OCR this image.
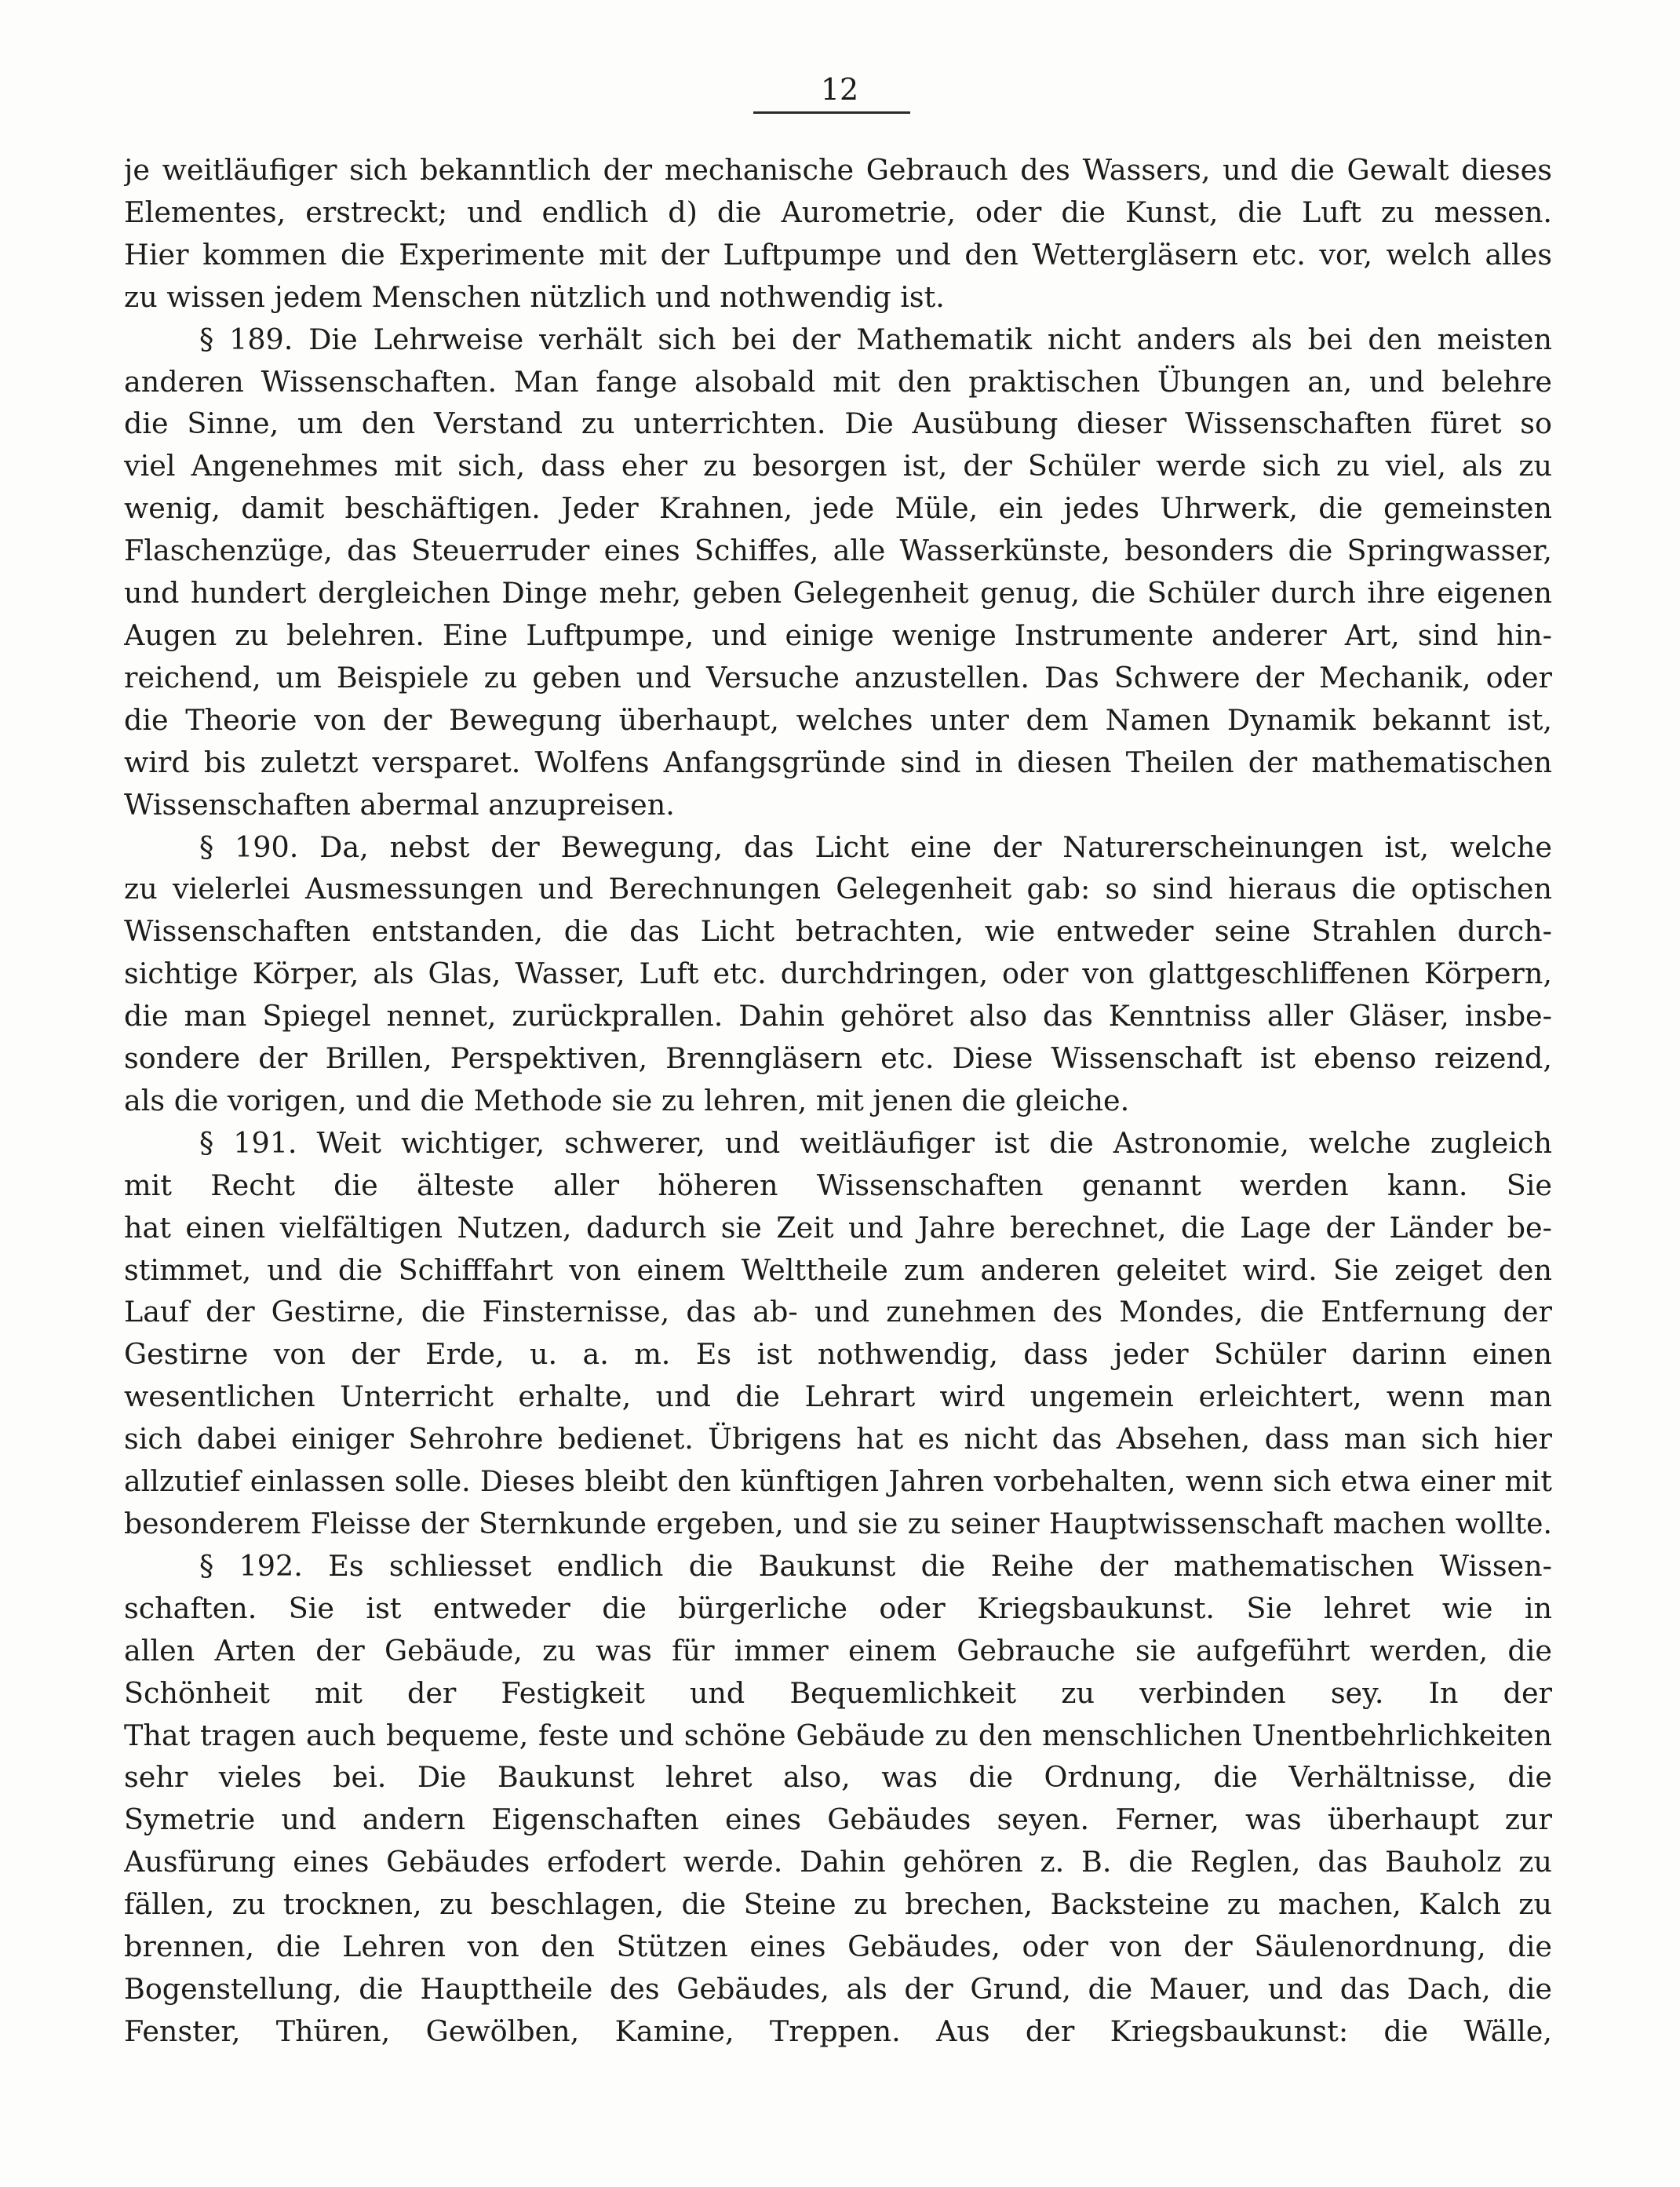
12

je weitläufiger sich bekanntlich der mechanische Gebrauch des Wassers, und die Gewalt dieses
Elementes, erstreckt; und endlich d) die Aurometrie, oder die Kunst, die Luft zu messen.
Hier kommen die Experimente mit der Luftpumpe und den Wettergläsern etc. vor, welch alles
zu wissen jedem Menschen nützlich und nothwendig ist.
§ 189. Die Lehrweise verhält sich bei der Mathematik nicht anders als bei den meisten
anderen Wissenschaften. Man fange alsobald mit den praktischen Übungen an, und belehre
die Sinne, um den Verstand zu unterrichten. Die Ausübung dieser Wissenschaften füret so
viel Angenehmes mit sich, dass eher zu besorgen ist, der Schüler werde sich zu viel, als zu
wenig, damit beschäftigen. Jeder Krahnen, jede Müle, ein jedes Uhrwerk, die gemeinsten
Flaschenzüge, das Steuerruder eines Schiffes, alle Wasserkünste, besonders die Springwasser,
und hundert dergleichen Dinge mehr, geben Gelegenheit genug, die Schüler durch ihre eigenen
Augen zu belehren. Eine Luftpumpe, und einige wenige Instrumente anderer Art, sind hin-
reichend, um Beispiele zu geben und Versuche anzustellen. Das Schwere der Mechanik, oder
die Theorie von der Bewegung überhaupt, welches unter dem Namen Dynamik bekannt ist,
wird bis zuletzt versparet. Wolfens Anfangsgründe sind in diesen Theilen der mathematischen
Wissenschaften abermal anzupreisen.
§ 190. Da, nebst der Bewegung, das Licht eine der Naturerscheinungen ist, welche
zu vielerlei Ausmessungen und Berechnungen Gelegenheit gab: so sind hieraus die optischen
Wissenschaften entstanden, die das Licht betrachten, wie entweder seine Strahlen durch-
sichtige Körper, als Glas, Wasser, Luft etc. durchdringen, oder von glattgeschliffenen Körpern,
die man Spiegel nennet, zurückprallen. Dahin gehöret also das Kenntniss aller Gläser, insbe-
sondere der Brillen, Perspektiven, Brenngläsern etc. Diese Wissenschaft ist ebenso reizend,
als die vorigen, und die Methode sie zu lehren, mit jenen die gleiche.
§ 191. Weit wichtiger, schwerer, und weitläufiger ist die Astronomie, welche zugleich
mit Recht die älteste aller höheren Wissenschaften genannt werden kann. Sie
hat einen vielfältigen Nutzen, dadurch sie Zeit und Jahre berechnet, die Lage der Länder be-
stimmet, und die Schifffahrt von einem Welttheile zum anderen geleitet wird. Sie zeiget den
Lauf der Gestirne, die Finsternisse, das ab- und zunehmen des Mondes, die Entfernung der
Gestirne von der Erde, u. a. m. Es ist nothwendig, dass jeder Schüler darinn einen
wesentlichen Unterricht erhalte, und die Lehrart wird ungemein erleichtert, wenn man
sich dabei einiger Sehrohre bedienet. Übrigens hat es nicht das Absehen, dass man sich hier
allzutief einlassen solle. Dieses bleibt den künftigen Jahren vorbehalten, wenn sich etwa einer mit
besonderem Fleisse der Sternkunde ergeben, und sie zu seiner Hauptwissenschaft machen wollte.
§ 192. Es schliesset endlich die Baukunst die Reihe der mathematischen Wissen-
schaften. Sie ist entweder die bürgerliche oder Kriegsbaukunst. Sie lehret wie in
allen Arten der Gebäude, zu was für immer einem Gebrauche sie aufgeführt werden, die
Schönheit mit der Festigkeit und Bequemlichkeit zu verbinden sey. In der
That tragen auch bequeme, feste und schöne Gebäude zu den menschlichen Unentbehrlichkeiten
sehr vieles bei. Die Baukunst lehret also, was die Ordnung, die Verhältnisse, die
Symetrie und andern Eigenschaften eines Gebäudes seyen. Ferner, was überhaupt zur
Ausfürung eines Gebäudes erfodert werde. Dahin gehören z. B. die Reglen, das Bauholz zu
fällen, zu trocknen, zu beschlagen, die Steine zu brechen, Backsteine zu machen, Kalch zu
brennen, die Lehren von den Stützen eines Gebäudes, oder von der Säulenordnung, die
Bogenstellung, die Haupttheile des Gebäudes, als der Grund, die Mauer, und das Dach, die
Fenster, Thüren, Gewölben, Kamine, Treppen. Aus der Kriegsbaukunst: die Wälle,
